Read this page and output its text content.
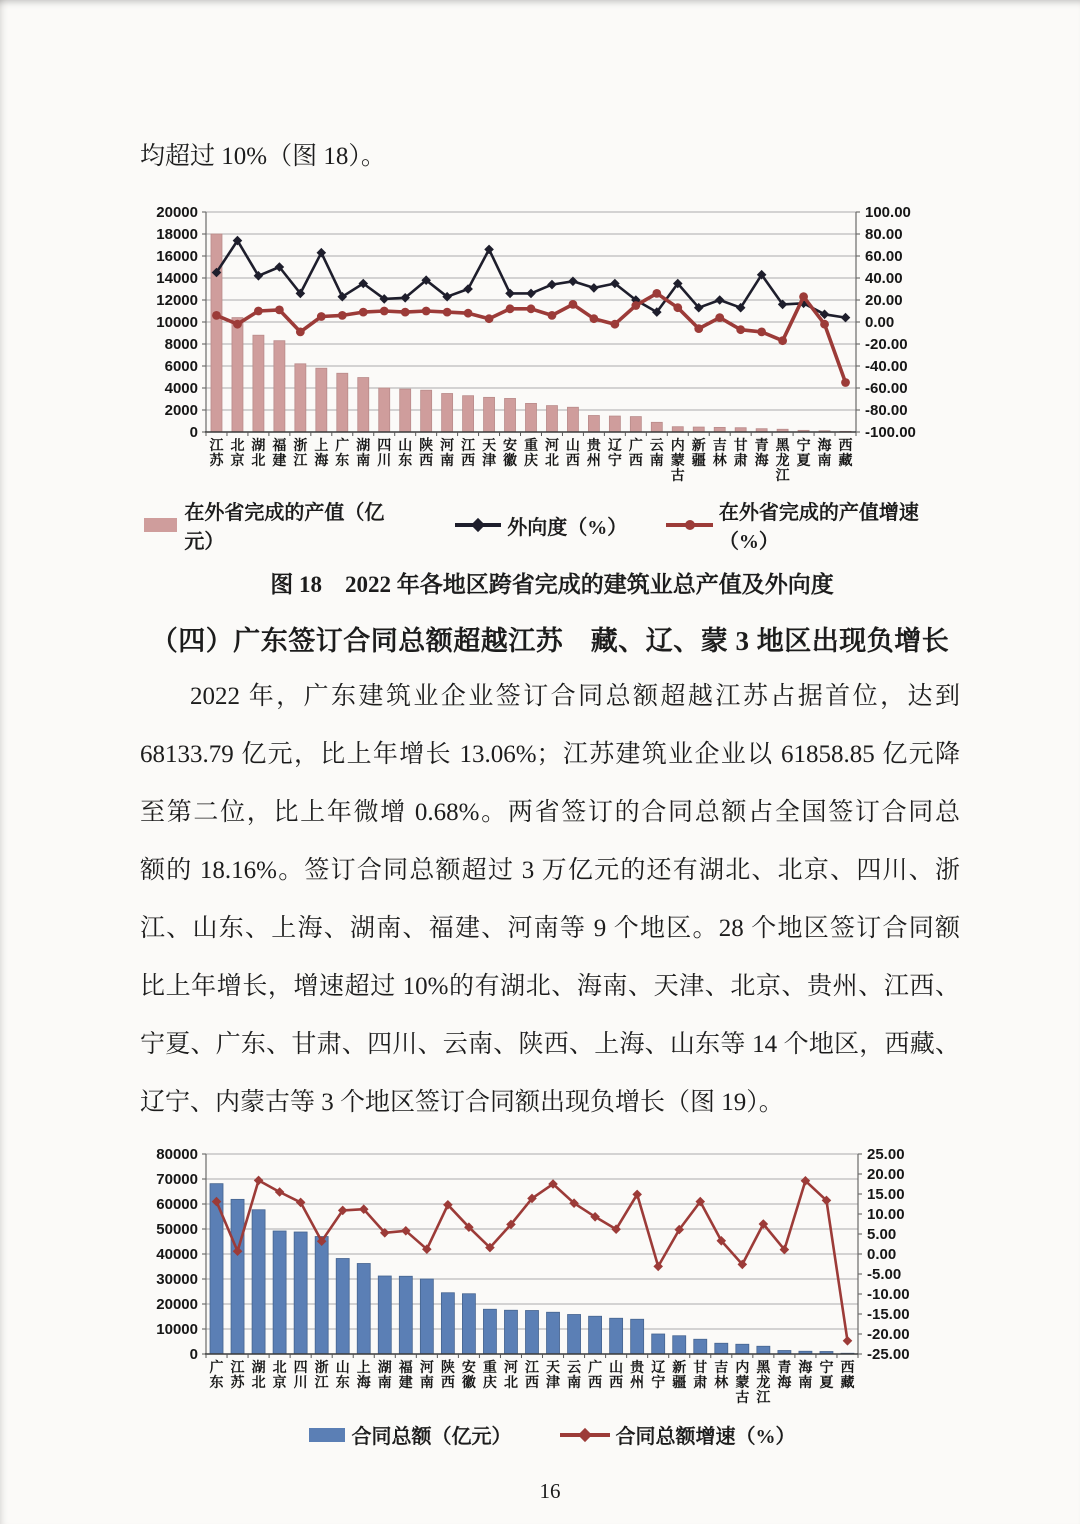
均超过 10%（图 18）。

0
2000
4000
6000
8000
10000
12000
14000
16000
18000
20000
-100.00
-80.00
-60.00
-40.00
-20.00
0.00
20.00
40.00
60.00
80.00
100.00
江苏
北京
湖北
福建
浙江
上海
广东
湖南
四川
山东
陕西
河南
江西
天津
安徽
重庆
河北
山西
贵州
辽宁
广西
云南
内蒙古
新疆
吉林
甘肃
青海
黑龙江
宁夏
海南
西藏
在外省完成的产值（亿元）
外向度（%）
在外省完成的产值增速（%）
图 18　2022 年各地区跨省完成的建筑业总产值及外向度
（四）广东签订合同总额超越江苏　藏、辽、蒙 3 地区出现负增长
2022 年，广东建筑业企业签订合同总额超越江苏占据首位，达到
68133.79 亿元，比上年增长 13.06%；江苏建筑业企业以 61858.85 亿元降
至第二位，比上年微增 0.68%。两省签订的合同总额占全国签订合同总
额的 18.16%。签订合同总额超过 3 万亿元的还有湖北、北京、四川、浙
江、山东、上海、湖南、福建、河南等 9 个地区。28 个地区签订合同额
比上年增长，增速超过 10%的有湖北、海南、天津、北京、贵州、江西、
宁夏、广东、甘肃、四川、云南、陕西、上海、山东等 14 个地区，西藏、
辽宁、内蒙古等 3 个地区签订合同额出现负增长（图 19）。
0
10000
20000
30000
40000
50000
60000
70000
80000
-25.00
-20.00
-15.00
-10.00
-5.00
0.00
5.00
10.00
15.00
20.00
25.00
广东
江苏
湖北
北京
四川
浙江
山东
上海
湖南
福建
河南
陕西
安徽
重庆
河北
江西
天津
云南
广西
山西
贵州
辽宁
新疆
甘肃
吉林
内蒙古
黑龙江
青海
海南
宁夏
西藏
合同总额（亿元）	合同总额增速（%）
16
